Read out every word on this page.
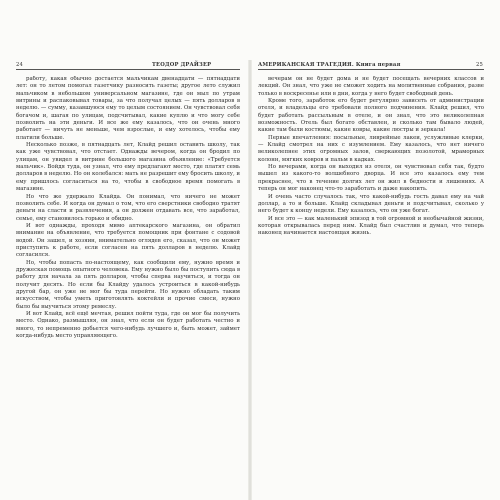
24	ТЕОДОР ДРАЙЗЕР	АМЕРИКАНСКАЯ ТРАГЕДИЯ. Книга первая	25

работу, какая обычно достается мальчикам двенадцати — пятнадцати лет: он то летом помогал газетчику разносить газеты; другое лето служил мальчиком в небольшом универсальном магазине, где он мыл по утрам витрины и распаковывал товары, за что получал целых — пять долларов в неделю. — сумму, казавшуюся ему то целым состоянием. Он чувствовал себя богачом и, шагая по улицам, подсчитывал, какие куплю и что могу себе позволить на эти деньги. И все же ему казалось, что он очень много работает — ничуть не меньше, чем взрослые, и ему хотелось, чтобы ему платили больше.

Несколько позже, в пятнадцать лет, Клайд решил оставить школу, так как уже чувствовал, что отстает. Однажды вечером, когда он бродил по улицам, он увидел в витрине большого магазина объявление: «Требуется мальчик». Войдя туда, он узнал, что ему предлагают место, где платят семь долларов в неделю. Но он колебался: мать не разрешит ему бросить школу, и ему пришлось согласиться на то, чтобы в свободное время помогать в магазине.

Но что же удержало Клайда. Он понимал, что ничего не может позволить себе. И когда он думал о том, что его сверстники свободно тратят деньги на сласти и развлечения, а он должен отдавать все, что заработал, семье, ему становилось горько и обидно.

И вот однажды, проходя мимо аптекарского магазина, он обратил внимание на объявление, что требуется помощник при фонтане с содовой водой. Он зашел, и хозяин, внимательно оглядев его, сказал, что он может приступить к работе, если согласен на пять долларов в неделю. Клайд согласился.

Но, чтобы попасть по-настоящему, как сообщили ему, нужно время и дружеская помощь опытного человека. Ему нужно было бы поступить сюда в работу для начала за пять долларов, чтобы сперва научиться, и тогда он получит десять. Но если бы Клайду удалось устроиться в какой-нибудь другой бар, он уже не мог бы туда перейти. Но нужно обладать таким искусством, чтобы уметь приготовлять коктейли и прочие смеси, нужно было бы выучиться этому ремеслу.

И вот Клайд, всё ещё мечтая, решил пойти туда, где он мог бы получить место. Однако, размышляя, он знал, что если он будет работать честно и много, то непременно добьется чего-нибудь лучшего и, быть может, займет когда-нибудь место управляющего.

вечерам он не будет дома и не будет посещать вечерних классов и лекций. Он знал, что уже не сможет ходить на молитвенные собрания, разве только в воскресенье или в дни, когда у него будет свободный день.

Кроме того, заработок его будет регулярно зависеть от администрации отеля, и владельцы его требовали полного подчинения. Клайд решил, что будет работать рассыльным в отеле, и он знал, что это великолепная возможность. Отель был богато обставлен, и сколько там бывало людей, какие там были костюмы, какие ковры, какие люстры и зеркала!

Первые впечатления: посыльные, ливрейные лакеи, услужливые клерки, — Клайд смотрел на них с изумлением. Ему казалось, что нет ничего великолепнее этих огромных залов, сверкающих позолотой, мраморных колонн, мягких ковров и пальм в кадках.

Но вечерами, когда он выходил из отеля, он чувствовал себя так, будто вышел из какого-то волшебного дворца. И все это казалось ему тем прекраснее, что в течение долгих лет он жил в бедности и лишениях. А теперь он мог наконец что-то заработать и даже накопить.

И очень часто случалось так, что какой-нибудь гость давал ему на чай доллар, а то и больше. Клайд складывал деньги и подсчитывал, сколько у него будет к концу недели. Ему казалось, что он уже богат.

И все это — как маленький эпизод в той огромной и необычайной жизни, которая открывалась перед ним. Клайд был счастлив и думал, что теперь наконец начинается настоящая жизнь.
